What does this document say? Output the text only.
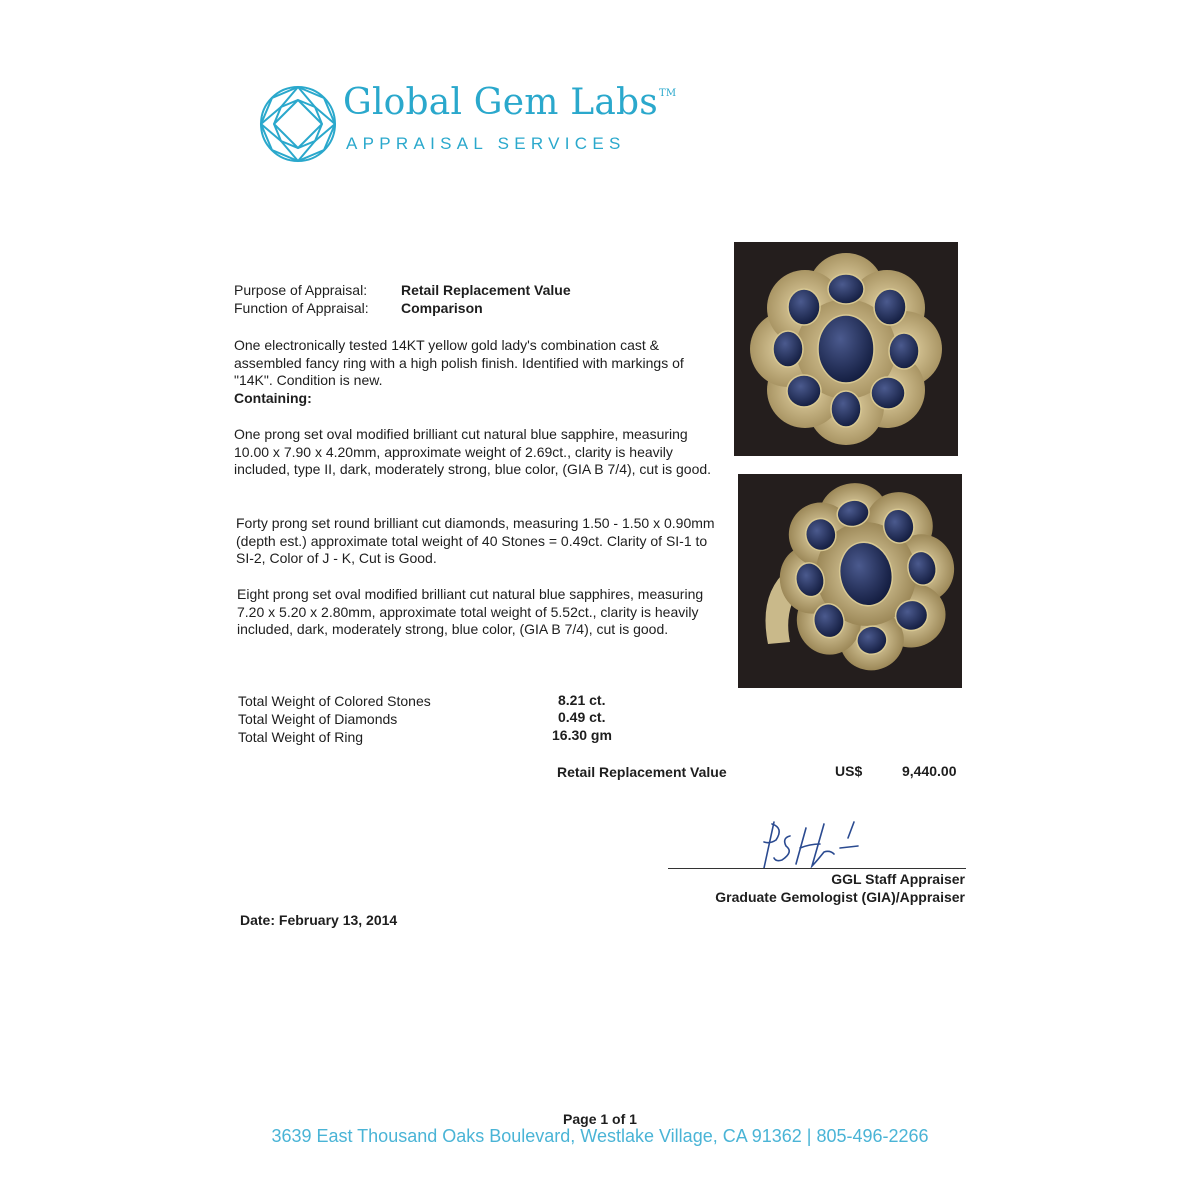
Global Gem Labs™
APPRAISAL SERVICES
Purpose of Appraisal: Retail Replacement Value
Function of Appraisal: Comparison
One electronically tested 14KT yellow gold lady's combination cast & assembled fancy ring with a high polish finish. Identified with markings of "14K". Condition is new.
Containing:
One prong set oval modified brilliant cut natural blue sapphire, measuring 10.00 x 7.90 x 4.20mm, approximate weight of 2.69ct., clarity is heavily included, type II, dark, moderately strong, blue color, (GIA B 7/4), cut is good.
Forty prong set round brilliant cut diamonds, measuring 1.50 - 1.50 x 0.90mm (depth est.) approximate total weight of 40 Stones = 0.49ct. Clarity of SI-1 to SI-2, Color of J - K, Cut is Good.
Eight prong set oval modified brilliant cut natural blue sapphires, measuring 7.20 x 5.20 x 2.80mm, approximate total weight of 5.52ct., clarity is heavily included, dark, moderately strong, blue color, (GIA B 7/4), cut is good.
Total Weight of Colored Stones	8.21 ct.
Total Weight of Diamonds	0.49 ct.
Total Weight of Ring	16.30 gm
Retail Replacement Value	US$	9,440.00
GGL Staff Appraiser
Graduate Gemologist (GIA)/Appraiser
Date: February 13, 2014
Page 1 of 1
3639 East Thousand Oaks Boulevard, Westlake Village, CA 91362 | 805-496-2266
